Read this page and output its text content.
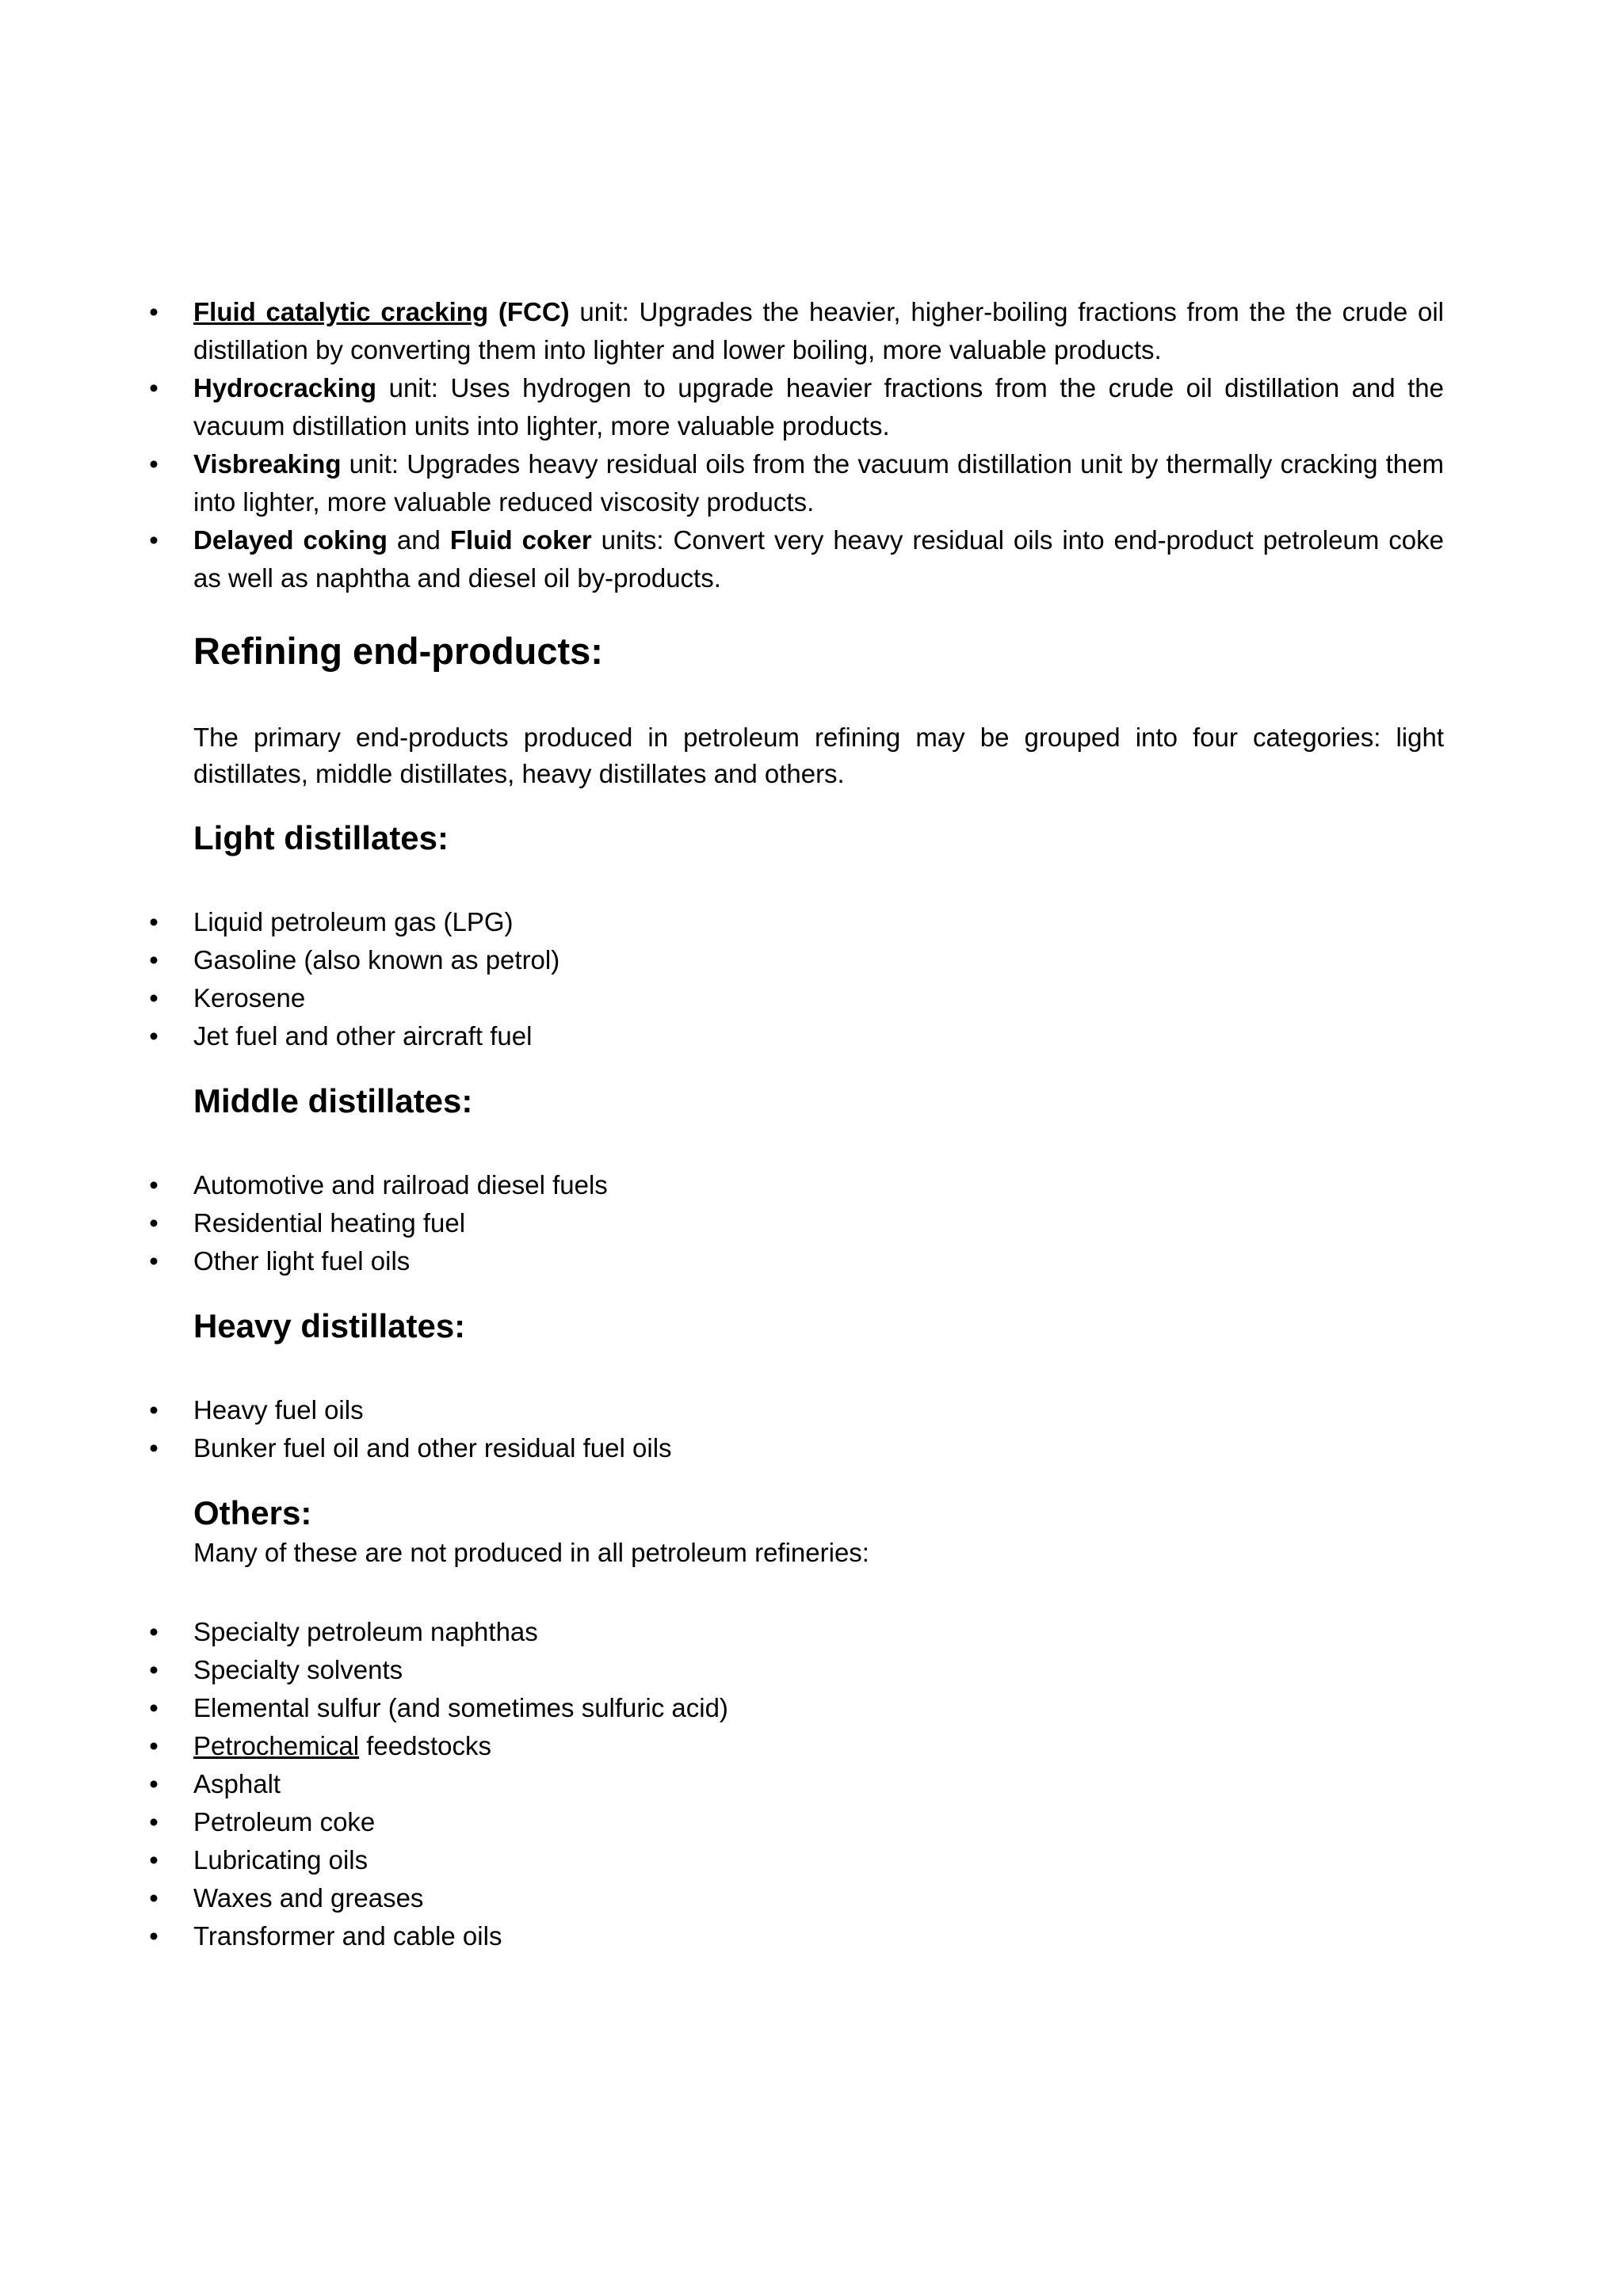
• Fluid catalytic cracking (FCC) unit: Upgrades the heavier, higher-boiling fractions from the the crude oil distillation by converting them into lighter and lower boiling, more valuable products.
• Hydrocracking unit: Uses hydrogen to upgrade heavier fractions from the crude oil distillation and the vacuum distillation units into lighter, more valuable products.
• Visbreaking unit: Upgrades heavy residual oils from the vacuum distillation unit by thermally cracking them into lighter, more valuable reduced viscosity products.
• Delayed coking and Fluid coker units: Convert very heavy residual oils into end-product petroleum coke as well as naphtha and diesel oil by-products.
Refining end-products:

The primary end-products produced in petroleum refining may be grouped into four categories: light distillates, middle distillates, heavy distillates and others.

Light distillates:
• Liquid petroleum gas (LPG)
• Gasoline (also known as petrol)
• Kerosene
• Jet fuel and other aircraft fuel
Middle distillates:
• Automotive and railroad diesel fuels
• Residential heating fuel
• Other light fuel oils
Heavy distillates:
• Heavy fuel oils
• Bunker fuel oil and other residual fuel oils
Others:

Many of these are not produced in all petroleum refineries:

• Specialty petroleum naphthas
• Specialty solvents
• Elemental sulfur (and sometimes sulfuric acid)
• Petrochemical feedstocks
• Asphalt
• Petroleum coke
• Lubricating oils
• Waxes and greases
• Transformer and cable oils
